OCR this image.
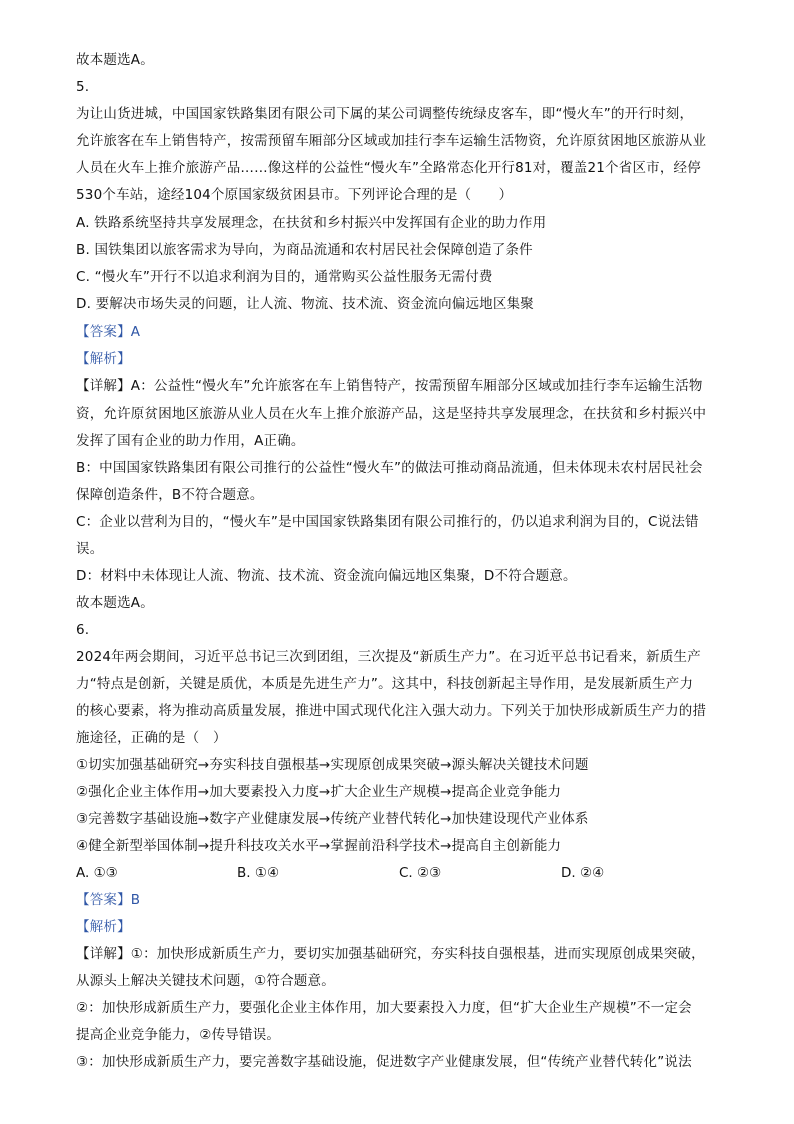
故本题选A。
5.
为让山货进城，中国国家铁路集团有限公司下属的某公司调整传统绿皮客车，即“慢火车”的开行时刻，
允许旅客在车上销售特产，按需预留车厢部分区域或加挂行李车运输生活物资，允许原贫困地区旅游从业
人员在火车上推介旅游产品……像这样的公益性“慢火车”全路常态化开行81对，覆盖21个省区市，经停
530个车站，途经104个原国家级贫困县市。下列评论合理的是（　　）
A. 铁路系统坚持共享发展理念，在扶贫和乡村振兴中发挥国有企业的助力作用
B. 国铁集团以旅客需求为导向，为商品流通和农村居民社会保障创造了条件
C. “慢火车”开行不以追求利润为目的，通常购买公益性服务无需付费
D. 要解决市场失灵的问题，让人流、物流、技术流、资金流向偏远地区集聚
【答案】A
【解析】
【详解】A：公益性“慢火车”允许旅客在车上销售特产，按需预留车厢部分区域或加挂行李车运输生活物
资，允许原贫困地区旅游从业人员在火车上推介旅游产品，这是坚持共享发展理念，在扶贫和乡村振兴中
发挥了国有企业的助力作用，A正确。
B：中国国家铁路集团有限公司推行的公益性“慢火车”的做法可推动商品流通，但未体现未农村居民社会
保障创造条件，B不符合题意。
C：企业以营利为目的，“慢火车”是中国国家铁路集团有限公司推行的，仍以追求利润为目的，C说法错
误。
D：材料中未体现让人流、物流、技术流、资金流向偏远地区集聚，D不符合题意。
故本题选A。
6.
2024年两会期间，习近平总书记三次到团组，三次提及“新质生产力”。在习近平总书记看来，新质生产
力“特点是创新，关键是质优，本质是先进生产力”。这其中，科技创新起主导作用，是发展新质生产力
的核心要素，将为推动高质量发展，推进中国式现代化注入强大动力。下列关于加快形成新质生产力的措
施途径，正确的是（　）
①切实加强基础研究→夯实科技自强根基→实现原创成果突破→源头解决关键技术问题
②强化企业主体作用→加大要素投入力度→扩大企业生产规模→提高企业竞争能力
③完善数字基础设施→数字产业健康发展→传统产业替代转化→加快建设现代产业体系
④健全新型举国体制→提升科技攻关水平→掌握前沿科学技术→提高自主创新能力
A. ①③	B. ①④	C. ②③	D. ②④
【答案】B
【解析】
【详解】①：加快形成新质生产力，要切实加强基础研究，夯实科技自强根基，进而实现原创成果突破，
从源头上解决关键技术问题，①符合题意。
②：加快形成新质生产力，要强化企业主体作用，加大要素投入力度，但“扩大企业生产规模”不一定会
提高企业竞争能力，②传导错误。
③：加快形成新质生产力，要完善数字基础设施，促进数字产业健康发展，但“传统产业替代转化”说法
